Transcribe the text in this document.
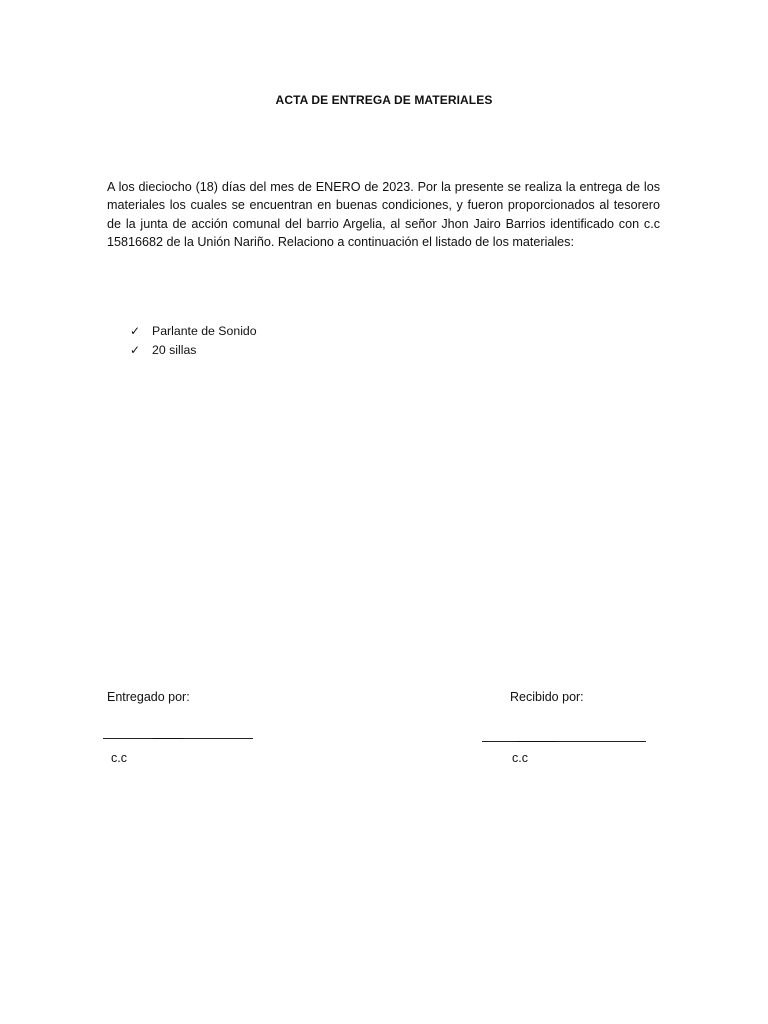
ACTA DE ENTREGA DE MATERIALES

A los dieciocho (18) días del mes de ENERO de 2023. Por la presente se realiza la entrega de los materiales los cuales se encuentran en buenas condiciones, y fueron proporcionados al tesorero de la junta de acción comunal del barrio Argelia, al señor Jhon Jairo Barrios identificado con c.c 15816682 de la Unión Nariño. Relaciono a continuación el listado de los materiales:

✓ Parlante de Sonido
✓ 20 sillas
Entregado por:	Recibido por:
c.c	c.c
